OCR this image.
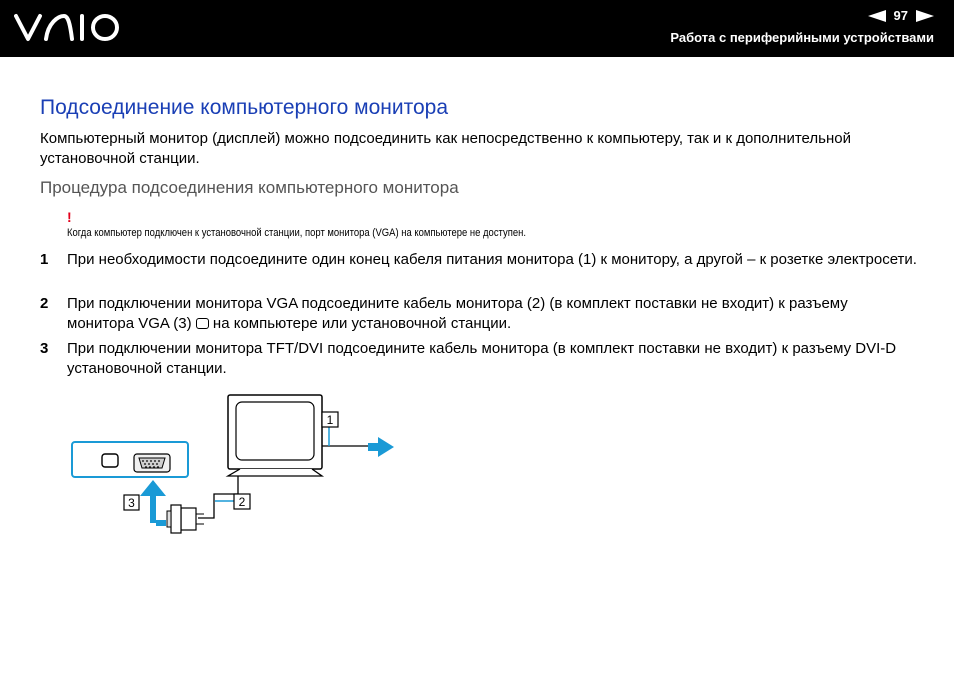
97
Работа с периферийными устройствами
Подсоединение компьютерного монитора

Компьютерный монитор (дисплей) можно подсоединить как непосредственно к компьютеру, так и к дополнительной установочной станции.

Процедура подсоединения компьютерного монитора
!
Когда компьютер подключен к установочной станции, порт монитора (VGA) на компьютере не доступен.
1 При необходимости подсоедините один конец кабеля питания монитора (1) к монитору, а другой – к розетке электросети.

2 При подключении монитора VGA подсоедините кабель монитора (2) (в комплект поставки не входит) к разъему монитора VGA (3) на компьютере или установочной станции.

3 При подключении монитора TFT/DVI подсоедините кабель монитора (в комплект поставки не входит) к разъему DVI-D установочной станции.

1
2
3
